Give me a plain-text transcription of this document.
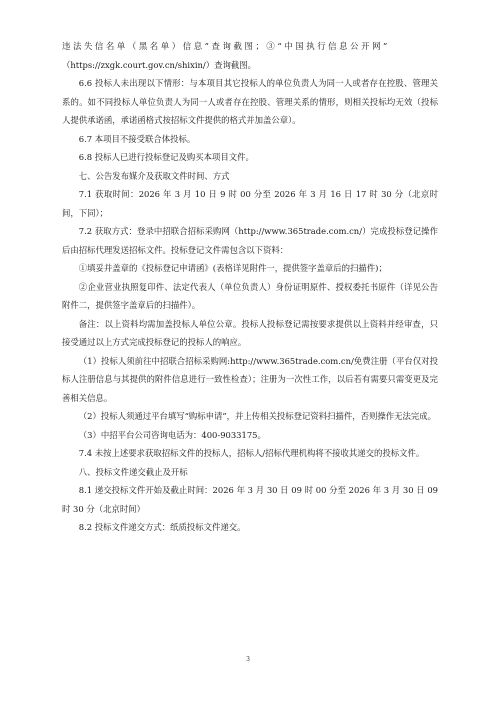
违法失信名单（黑名单）信息”查询截图；③“中国执行信息公开网”

（https://zxgk.court.gov.cn/shixin/）查询截图。

6.6 投标人未出现以下情形：与本项目其它投标人的单位负责人为同一人或者存在控股、管理关系的。如不同投标人单位负责人为同一人或者存在控股、管理关系的情形，则相关投标均无效（投标人提供承诺函，承诺函格式按招标文件提供的格式并加盖公章）。

6.7 本项目不接受联合体投标。

6.8 投标人已进行投标登记及购买本项目文件。

七、公告发布媒介及获取文件时间、方式

7.1 获取时间：2026 年 3 月 10 日 9 时 00 分至 2026 年 3 月 16 日 17 时 30 分（北京时间，下同）；

7.2 获取方式：登录中招联合招标采购网（http://www.365trade.com.cn/）完成投标登记操作后由招标代理发送招标文件。投标登记文件需包含以下资料：

①填妥并盖章的《投标登记申请函》(表格详见附件一，提供签字盖章后的扫描件)；

②企业营业执照复印件、法定代表人（单位负责人）身份证明原件、授权委托书原件（详见公告附件二，提供签字盖章后的扫描件）。

备注：以上资料均需加盖投标人单位公章。投标人投标登记需按要求提供以上资料并经审查，只接受通过以上方式完成投标登记的投标人的响应。

（1）投标人须前往中招联合招标采购网:http://www.365trade.com.cn/免费注册（平台仅对投标人注册信息与其提供的附件信息进行一致性检查）；注册为一次性工作，以后若有需要只需变更及完善相关信息。

（2）投标人须通过平台填写“购标申请”，并上传相关投标登记资料扫描件，否则操作无法完成。

（3）中招平台公司咨询电话为：400-9033175。

7.4 未按上述要求获取招标文件的投标人，招标人/招标代理机构将不接收其递交的投标文件。

八、投标文件递交截止及开标

8.1 递交投标文件开始及截止时间：2026 年 3 月 30 日 09 时 00 分至 2026 年 3 月 30 日 09 时 30 分（北京时间）

8.2 投标文件递交方式：纸质投标文件递交。

3
